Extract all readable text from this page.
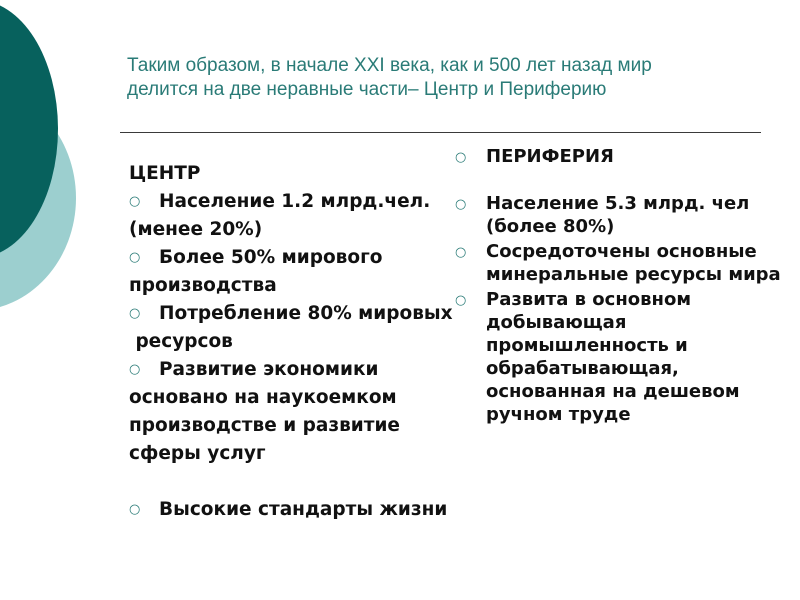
Таким образом, в начале XXI века, как и 500 лет назад мир
делится на две неравные части– Центр и Периферию
ЦЕНТР
○ Население 1.2 млрд.чел.
(менее 20%)
○ Более 50% мирового
производства
○ Потребление 80% мировых
ресурсов
○ Развитие экономики
основано на наукоемком
производстве и развитие
сферы услуг
○ Высокие стандарты жизни
○	ПЕРИФЕРИЯ
○	Население 5.3 млрд. чел (более 80%)
○	Сосредоточены основные минеральные ресурсы мира
○	Развита в основном добывающая промышленность и обрабатывающая, основанная на дешевом ручном труде
